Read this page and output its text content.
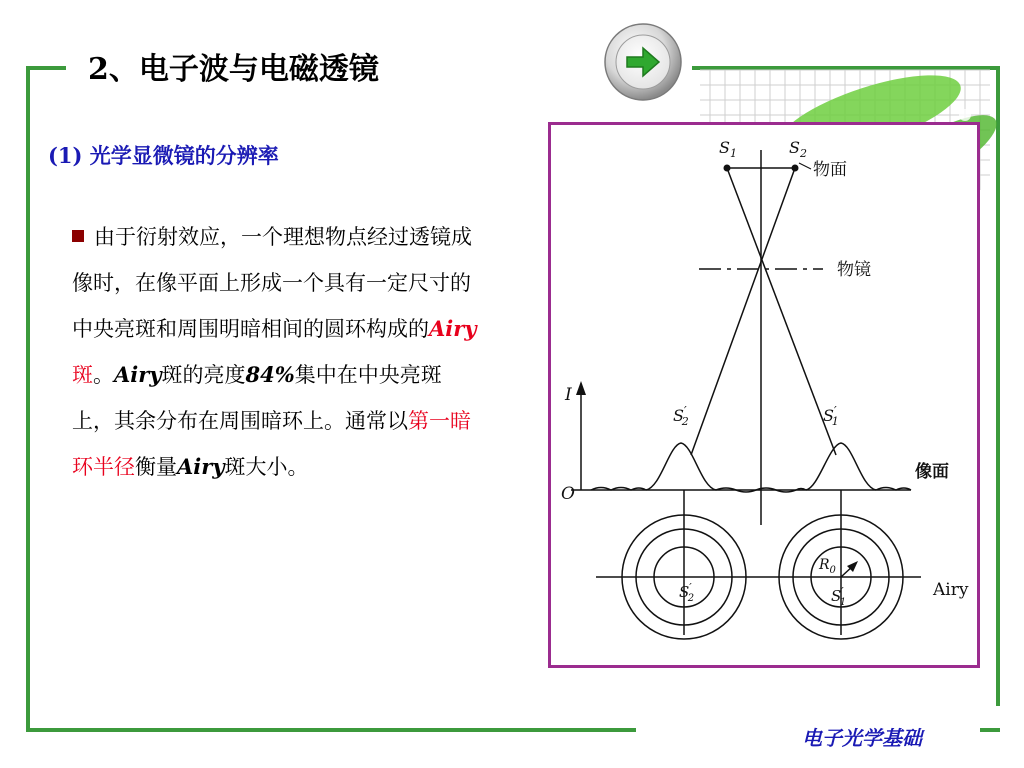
2、电子波与电磁透镜
(1) 光学显微镜的分辨率
由于衍射效应，一个理想物点经过透镜成像时，在像平面上形成一个具有一定尺寸的中央亮斑和周围明暗相间的圆环构成的Airy斑。Airy斑的亮度84%集中在中央亮斑上，其余分布在周围暗环上。通常以第一暗环半径衡量Airy斑大小。
$S_1$	$S_2$
物面
物镜
I
O
像面
S′ 2	S′ 1
S′ 2	S′ 1
$R_0$
Airy
电子光学基础
